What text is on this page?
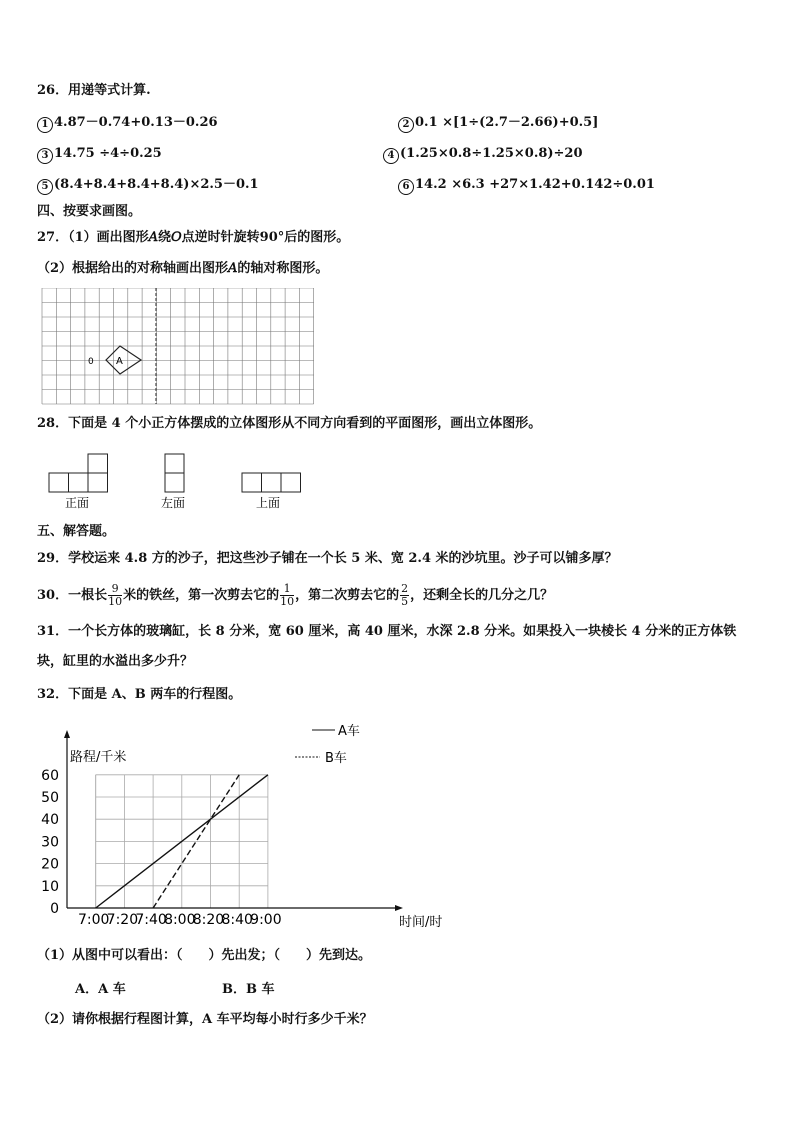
26．用递等式计算.
1 4.87－0.74+0.13－0.26	2 0.1 ×[1÷(2.7－2.66)+0.5]
3 14.75 ÷4÷0.25	4 (1.25×0.8÷1.25×0.8)÷20
5 (8.4+8.4+8.4+8.4)×2.5－0.1	6 14.2 ×6.3 +27×1.42+0.142÷0.01
四、按要求画图。
27．（1）画出图形𝐴绕𝑂点逆时针旋转90°后的图形。
（2）根据给出的对称轴画出图形𝐴的轴对称图形。
A
0
28．下面是 4 个小正方体摆成的立体图形从不同方向看到的平面图形，画出立体图形。
正面	左面	上面
五、解答题。
29．学校运来 4.8 方的沙子，把这些沙子铺在一个长 5 米、宽 2.4 米的沙坑里。沙子可以铺多厚？
30．一根长 $\frac{9}{10}$ 米的铁丝，第一次剪去它的 $\frac{1}{10}$ ，第二次剪去它的 $\frac{2}{5}$ ，还剩全长的几分之几？
31．一个长方体的玻璃缸，长 8 分米，宽 60 厘米，高 40 厘米，水深 2.8 分米。如果投入一块棱长 4 分米的正方体铁
块，缸里的水溢出多少升？
32．下面是 A、B 两车的行程图。
0
10
20
30
40
50
60
7:00
7:20
7:40
8:00
8:20
8:40
9:00
路程/千米
时间/时
A车
B车
（1）从图中可以看出：（　　）先出发；（　　）先到达。
A．A 车	B．B 车
（2）请你根据行程图计算，A 车平均每小时行多少千米？
